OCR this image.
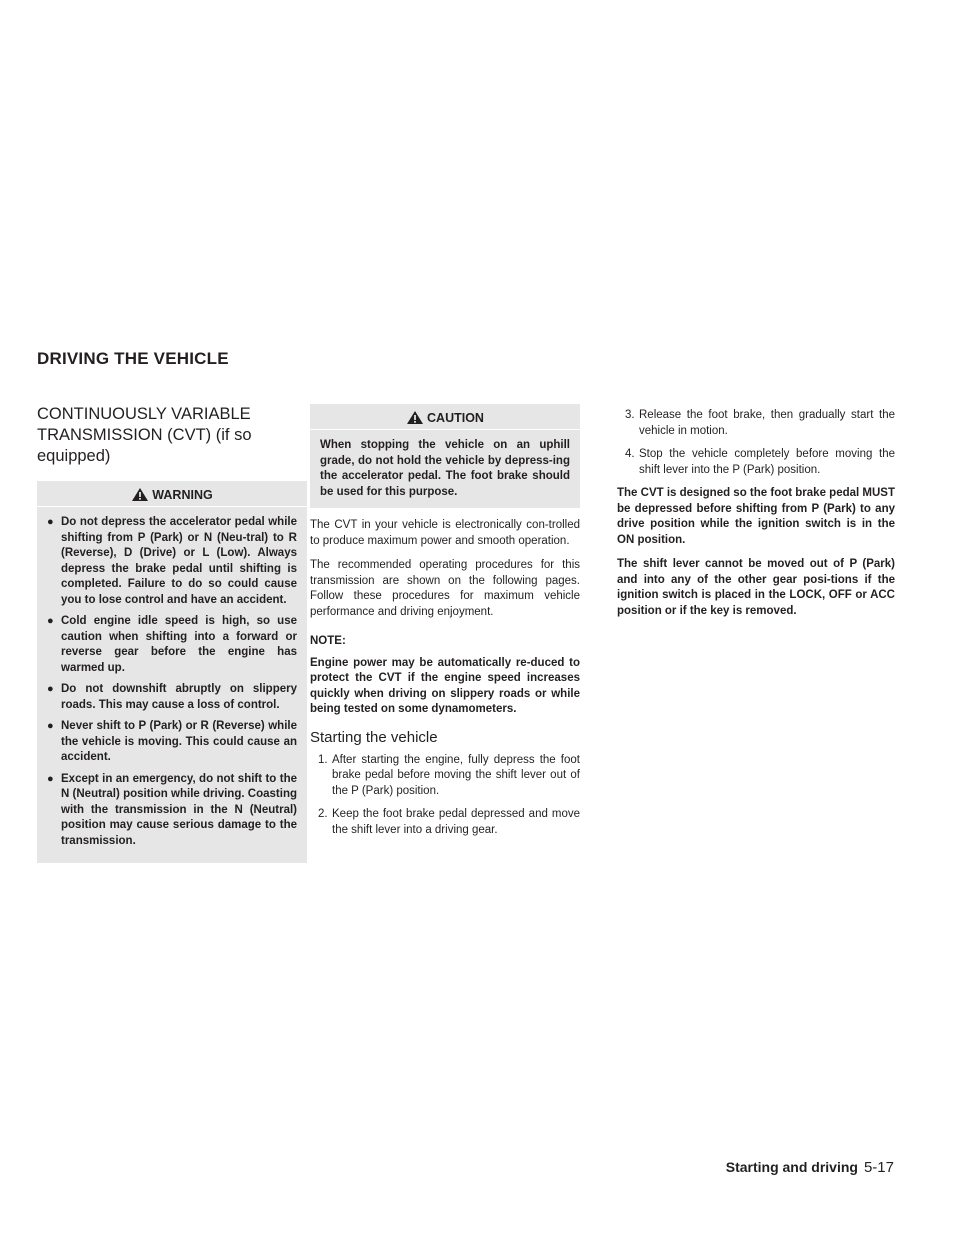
DRIVING THE VEHICLE
CONTINUOUSLY VARIABLE
TRANSMISSION (CVT) (if so
equipped)
WARNING
● Do not depress the accelerator pedal while shifting from P (Park) or N (Neu-tral) to R (Reverse), D (Drive) or L (Low). Always depress the brake pedal until shifting is completed. Failure to do so could cause you to lose control and have an accident.
● Cold engine idle speed is high, so use caution when shifting into a forward or reverse gear before the engine has warmed up.
● Do not downshift abruptly on slippery roads. This may cause a loss of control.
● Never shift to P (Park) or R (Reverse) while the vehicle is moving. This could cause an accident.
● Except in an emergency, do not shift to the N (Neutral) position while driving. Coasting with the transmission in the N (Neutral) position may cause serious damage to the transmission.
CAUTION

When stopping the vehicle on an uphill grade, do not hold the vehicle by depress-ing the accelerator pedal. The foot brake should be used for this purpose.

The CVT in your vehicle is electronically con-trolled to produce maximum power and smooth operation.

The recommended operating procedures for this transmission are shown on the following pages. Follow these procedures for maximum vehicle performance and driving enjoyment.

NOTE:

Engine power may be automatically re-duced to protect the CVT if the engine speed increases quickly when driving on slippery roads or while being tested on some dynamometers.

Starting the vehicle
1. After starting the engine, fully depress the foot brake pedal before moving the shift lever out of the P (Park) position.
2. Keep the foot brake pedal depressed and move the shift lever into a driving gear.
3. Release the foot brake, then gradually start the vehicle in motion.
4. Stop the vehicle completely before moving the shift lever into the P (Park) position.

The CVT is designed so the foot brake pedal MUST be depressed before shifting from P (Park) to any drive position while the ignition switch is in the ON position.

The shift lever cannot be moved out of P (Park) and into any of the other gear posi-tions if the ignition switch is placed in the LOCK, OFF or ACC position or if the key is removed.

Starting and driving 5-17
